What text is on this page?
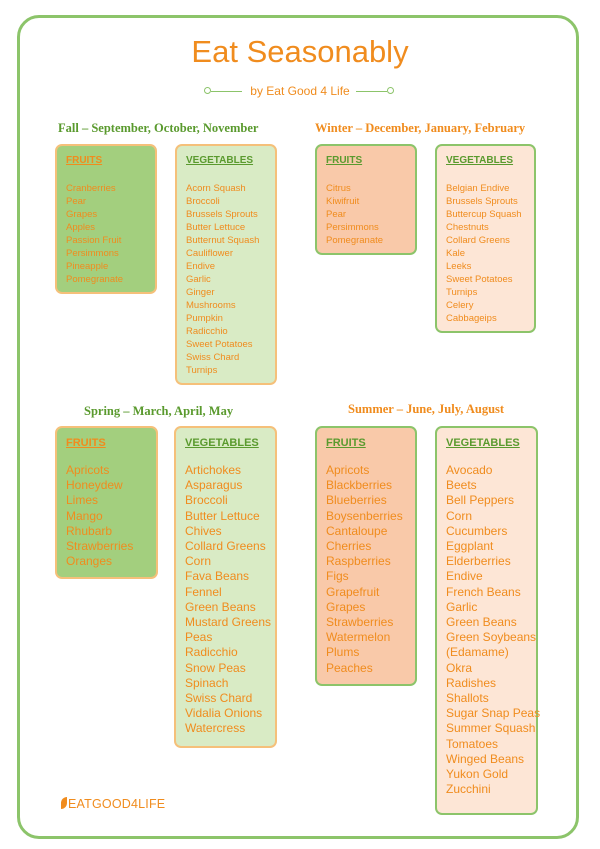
Eat Seasonably
by Eat Good 4 Life
Fall – September, October, November
FRUITS
Cranberries
Pear
Grapes
Apples
Passion Fruit
Persimmons
Pineapple
Pomegranate
VEGETABLES
Acorn Squash
Broccoli
Brussels Sprouts
Butter Lettuce
Butternut Squash
Cauliflower
Endive
Garlic
Ginger
Mushrooms
Pumpkin
Radicchio
Sweet Potatoes
Swiss Chard
Turnips
Winter – December, January, February
FRUITS
Citrus
Kiwifruit
Pear
Persimmons
Pomegranate
VEGETABLES
Belgian Endive
Brussels Sprouts
Buttercup Squash
Chestnuts
Collard Greens
Kale
Leeks
Sweet Potatoes
Turnips
Celery
Cabbageips
Spring – March, April, May
FRUITS
Apricots
Honeydew
Limes
Mango
Rhubarb
Strawberries
Oranges
VEGETABLES
Artichokes
Asparagus
Broccoli
Butter Lettuce
Chives
Collard Greens
Corn
Fava Beans
Fennel
Green Beans
Mustard Greens
Peas
Radicchio
Snow Peas
Spinach
Swiss Chard
Vidalia Onions
Watercress
Summer – June, July, August
FRUITS
Apricots
Blackberries
Blueberries
Boysenberries
Cantaloupe
Cherries
Raspberries
Figs
Grapefruit
Grapes
Strawberries
Watermelon
Plums
Peaches
VEGETABLES
Avocado
Beets
Bell Peppers
Corn
Cucumbers
Eggplant
Elderberries
Endive
French Beans
Garlic
Green Beans
Green Soybeans
(Edamame)
Okra
Radishes
Shallots
Sugar Snap Peas
Summer Squash
Tomatoes
Winged Beans
Yukon Gold
Zucchini
EATGOOD4LIFE
